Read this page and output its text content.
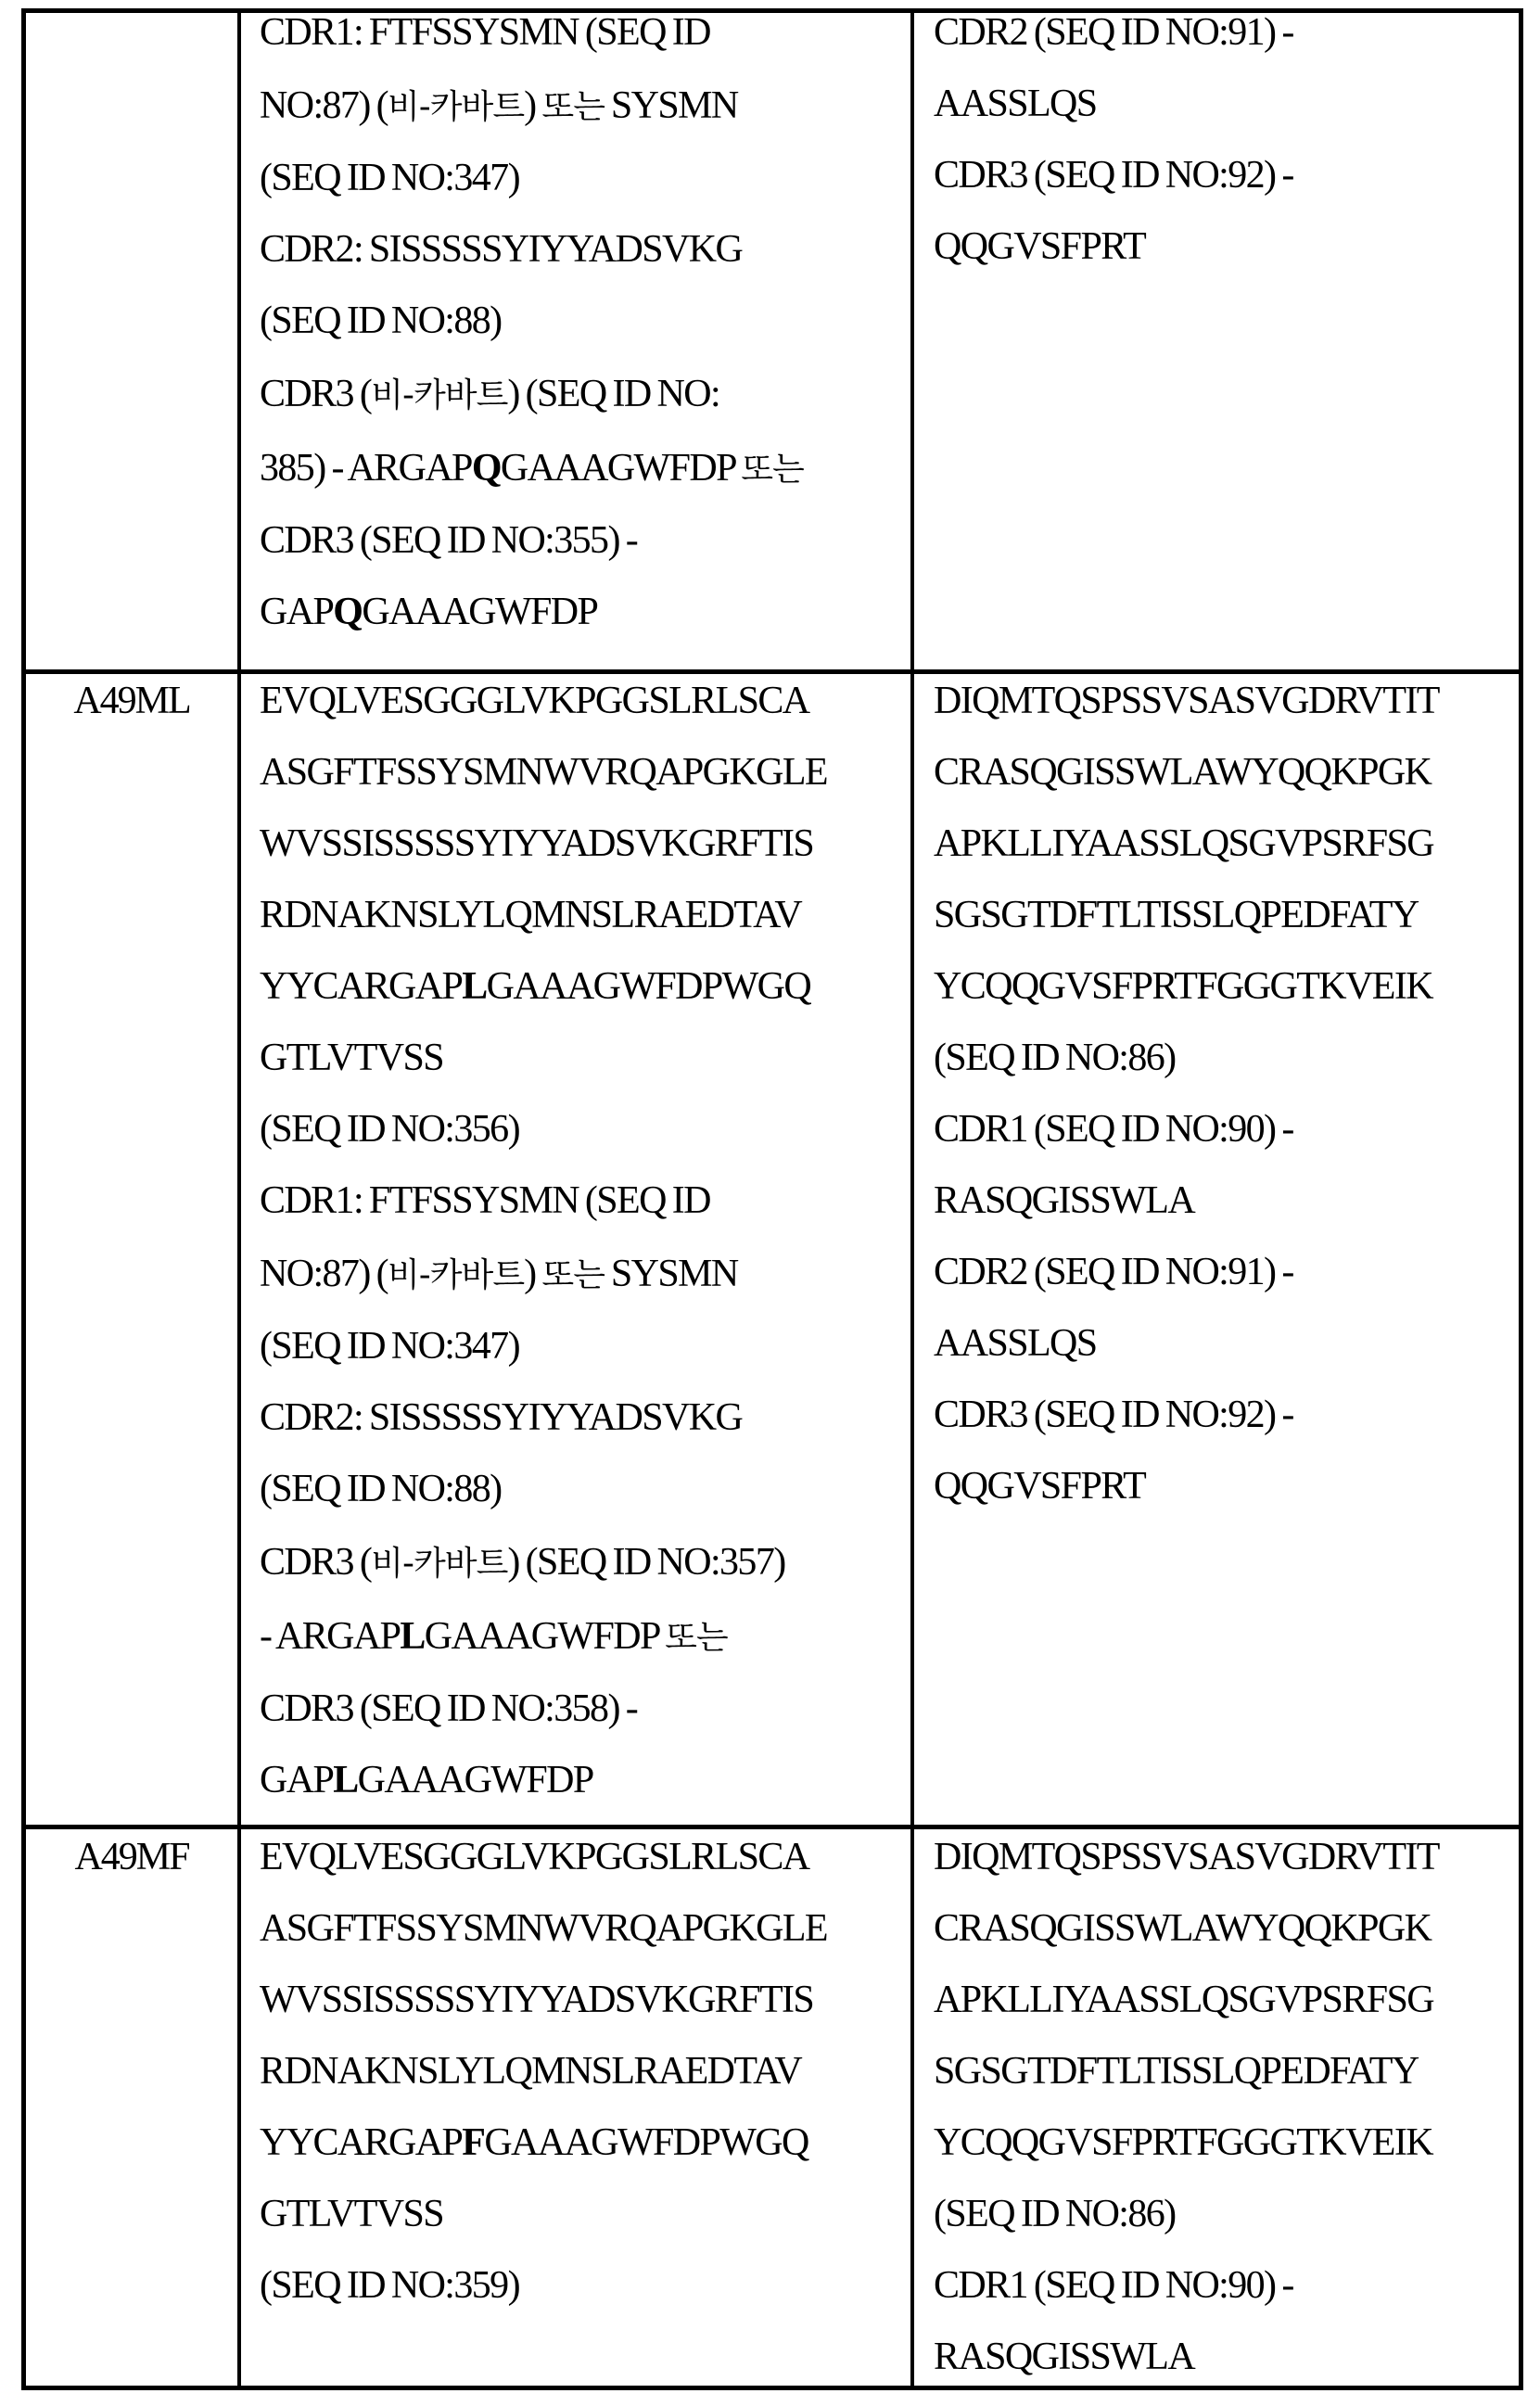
CDR1: FTFSSYSMN (SEQ ID
NO:87) (비-카바트) 또는 SYSMN
(SEQ ID NO:347)
CDR2: SISSSSSYIYYADSVKG
(SEQ ID NO:88)
CDR3 (비-카바트) (SEQ ID NO:
385) - ARGAPQGAAAGWFDP 또는
CDR3 (SEQ ID NO:355) -
GAPQGAAAGWFDP
CDR2 (SEQ ID NO:91) -
AASSLQS
CDR3 (SEQ ID NO:92) -
QQGVSFPRT
A49ML	EVQLVESGGGLVKPGGSLRLSCA
ASGFTFSSYSMNWVRQAPGKGLE
WVSSISSSSSYIYYADSVKGRFTIS
RDNAKNSLYLQMNSLRAEDTAV
YYCARGAPLGAAAGWFDPWGQ
GTLVTVSS
(SEQ ID NO:356)
CDR1: FTFSSYSMN (SEQ ID
NO:87) (비-카바트) 또는 SYSMN
(SEQ ID NO:347)
CDR2: SISSSSSYIYYADSVKG
(SEQ ID NO:88)
CDR3 (비-카바트) (SEQ ID NO:357)
- ARGAPLGAAAGWFDP 또는
CDR3 (SEQ ID NO:358) -
GAPLGAAAGWFDP
DIQMTQSPSSVSASVGDRVTIT
CRASQGISSWLAWYQQKPGK
APKLLIYAASSLQSGVPSRFSG
SGSGTDFTLTISSLQPEDFATY
YCQQGVSFPRTFGGGTKVEIK
(SEQ ID NO:86)
CDR1 (SEQ ID NO:90) -
RASQGISSWLA
CDR2 (SEQ ID NO:91) -
AASSLQS
CDR3 (SEQ ID NO:92) -
QQGVSFPRT
A49MF	EVQLVESGGGLVKPGGSLRLSCA
ASGFTFSSYSMNWVRQAPGKGLE
WVSSISSSSSYIYYADSVKGRFTIS
RDNAKNSLYLQMNSLRAEDTAV
YYCARGAPFGAAAGWFDPWGQ
GTLVTVSS
(SEQ ID NO:359)
DIQMTQSPSSVSASVGDRVTIT
CRASQGISSWLAWYQQKPGK
APKLLIYAASSLQSGVPSRFSG
SGSGTDFTLTISSLQPEDFATY
YCQQGVSFPRTFGGGTKVEIK
(SEQ ID NO:86)
CDR1 (SEQ ID NO:90) -
RASQGISSWLA
